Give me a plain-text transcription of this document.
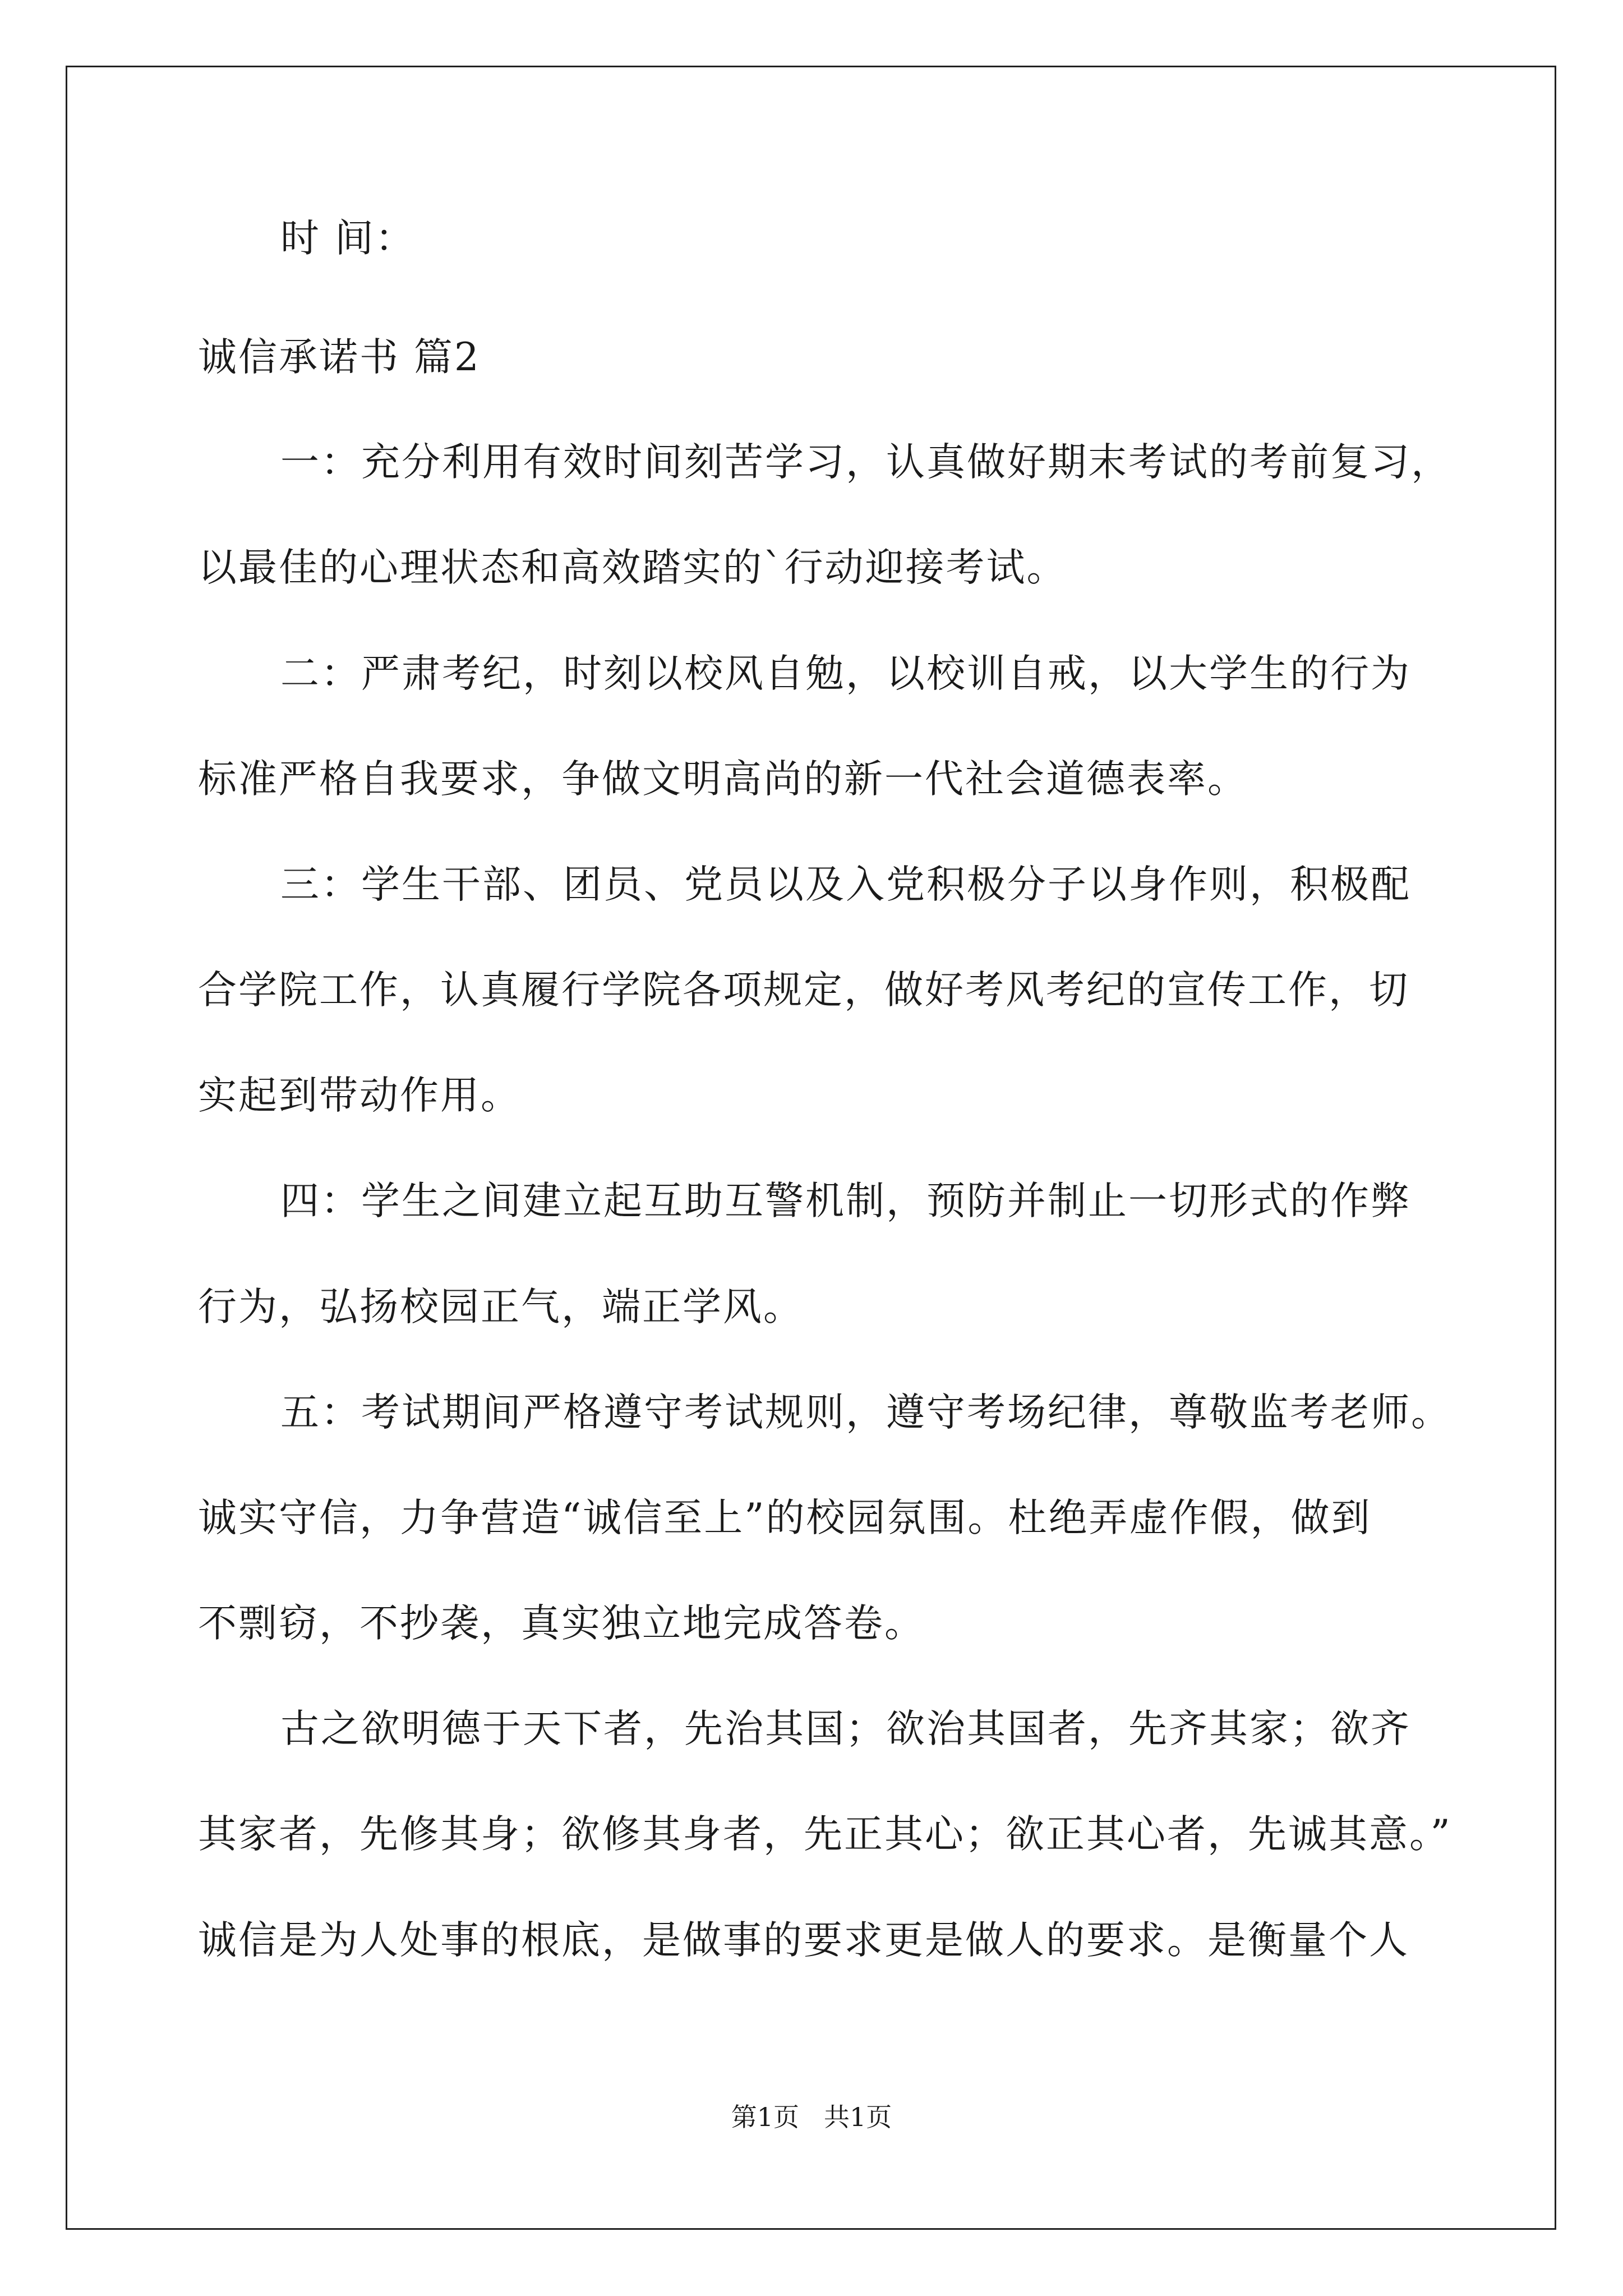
时 间：
诚信承诺书 篇2
一：充分利用有效时间刻苦学习，认真做好期末考试的考前复习，
以最佳的心理状态和高效踏实的`行动迎接考试。
二：严肃考纪，时刻以校风自勉，以校训自戒，以大学生的行为
标准严格自我要求，争做文明高尚的新一代社会道德表率。
三：学生干部、团员、党员以及入党积极分子以身作则，积极配
合学院工作，认真履行学院各项规定，做好考风考纪的宣传工作，切
实起到带动作用。
四：学生之间建立起互助互警机制，预防并制止一切形式的作弊
行为，弘扬校园正气，端正学风。
五：考试期间严格遵守考试规则，遵守考场纪律，尊敬监考老师。
诚实守信，力争营造“诚信至上”的校园氛围。杜绝弄虚作假，做到
不剽窃，不抄袭，真实独立地完成答卷。
古之欲明德于天下者，先治其国；欲治其国者，先齐其家；欲齐
其家者，先修其身；欲修其身者，先正其心；欲正其心者，先诚其意。”
诚信是为人处事的根底，是做事的要求更是做人的要求。是衡量个人
第1页 共1页
